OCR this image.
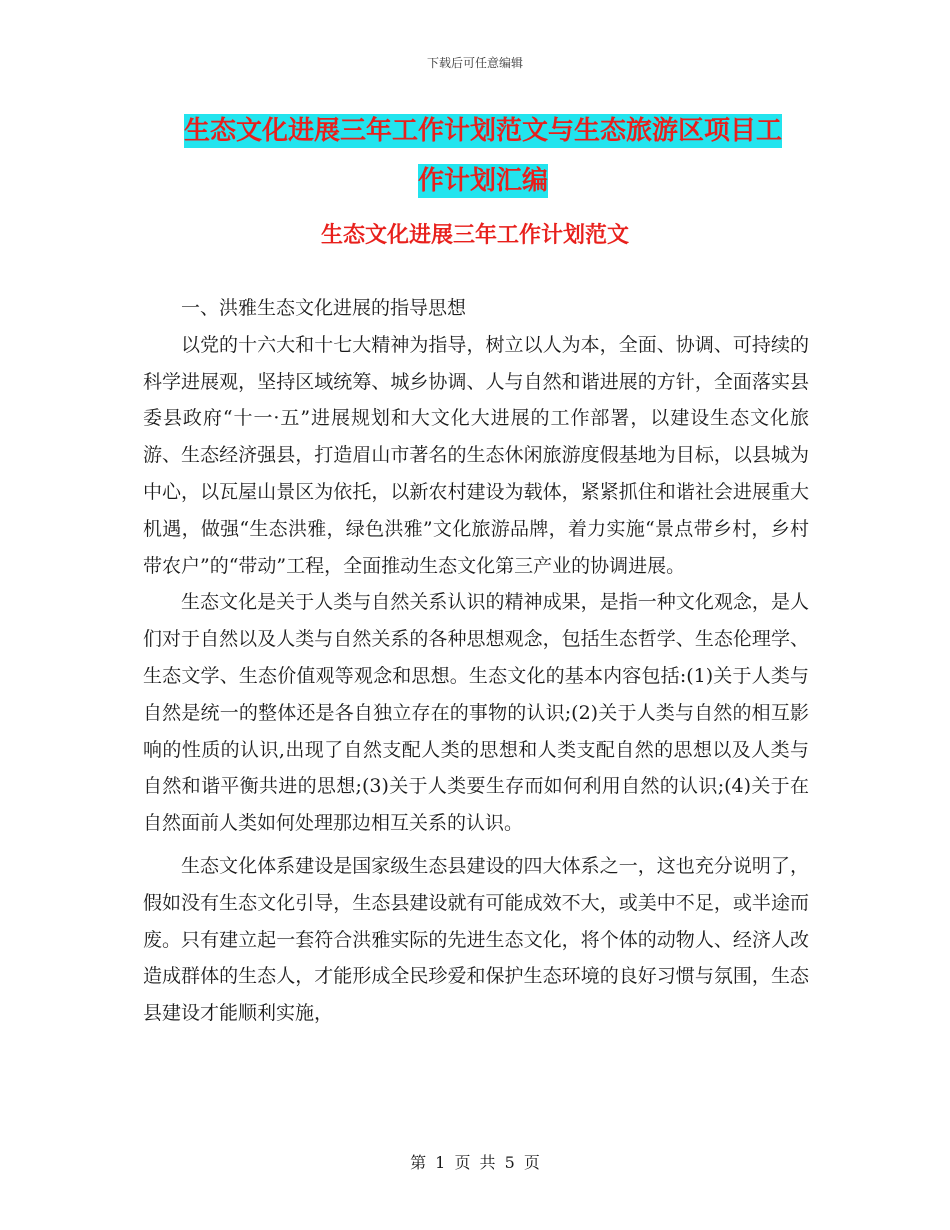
下载后可任意编辑
生态文化进展三年工作计划范文与生态旅游区项目工
作计划汇编
生态文化进展三年工作计划范文

一、洪雅生态文化进展的指导思想

以党的十六大和十七大精神为指导，树立以人为本，全面、协调、可持续的科学进展观，坚持区域统筹、城乡协调、人与自然和谐进展的方针，全面落实县委县政府“十一·五”进展规划和大文化大进展的工作部署，以建设生态文化旅游、生态经济强县，打造眉山市著名的生态休闲旅游度假基地为目标，以县城为中心，以瓦屋山景区为依托，以新农村建设为载体，紧紧抓住和谐社会进展重大机遇，做强“生态洪雅，绿色洪雅”文化旅游品牌，着力实施“景点带乡村，乡村带农户”的“带动”工程，全面推动生态文化第三产业的协调进展。

生态文化是关于人类与自然关系认识的精神成果，是指一种文化观念，是人们对于自然以及人类与自然关系的各种思想观念，包括生态哲学、生态伦理学、生态文学、生态价值观等观念和思想。生态文化的基本内容包括:(1)关于人类与自然是统一的整体还是各自独立存在的事物的认识;(2)关于人类与自然的相互影响的性质的认识,出现了自然支配人类的思想和人类支配自然的思想以及人类与自然和谐平衡共进的思想;(3)关于人类要生存而如何利用自然的认识;(4)关于在自然面前人类如何处理那边相互关系的认识。

生态文化体系建设是国家级生态县建设的四大体系之一，这也充分说明了，假如没有生态文化引导，生态县建设就有可能成效不大，或美中不足，或半途而废。只有建立起一套符合洪雅实际的先进生态文化，将个体的动物人、经济人改造成群体的生态人，才能形成全民珍爱和保护生态环境的良好习惯与氛围，生态县建设才能顺利实施，

第 1 页 共 5 页
